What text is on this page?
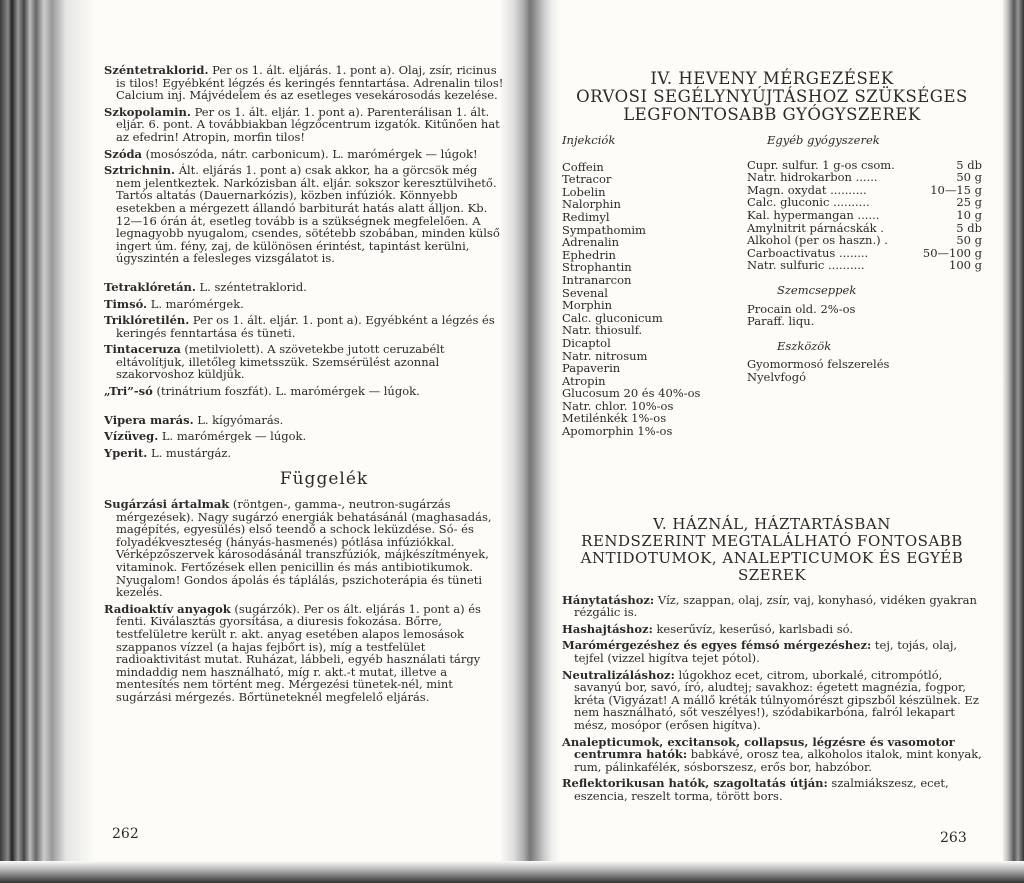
Széntetraklorid. Per os 1. ált. eljárás. 1. pont a). Olaj, zsír, ricinus is tilos! Egyébként légzés és keringés fenntartása. Adrenalin tilos! Calcium inj. Májvédelem és az esetleges vesekárosodás kezelése.
Szkopolamin. Per os 1. ált. eljár. 1. pont a). Parenterálisan 1. ált. eljár. 6. pont. A továbbiakban légzőcentrum izgatók. Kitűnően hat az efedrin! Atropin, morfin tilos!
Szóda (mosószóda, nátr. carbonicum). L. marómérgek — lúgok!
Sztrichnin. Ált. eljárás 1. pont a) csak akkor, ha a görcsök még nem jelentkeztek. Narkózisban ált. eljár. sokszor keresztülvihető. Tartós altatás (Dauernarkózis), közben infúziók. Könnyebb esetekben a mérgezett állandó barbiturát hatás alatt álljon. Kb. 12—16 órán át, esetleg tovább is a szükségnek megfelelően. A legnagyobb nyugalom, csendes, sötétebb szobában, minden külső ingert úm. fény, zaj, de különösen érintést, tapintást kerülni, úgyszintén a felesleges vizsgálatot is.
Tetraklóretán. L. széntetraklorid.
Timsó. L. marómérgek.
Triklóretilén. Per os 1. ált. eljár. 1. pont a). Egyébként a légzés és keringés fenntartása és tüneti.
Tintaceruza (metilviolett). A szövetekbe jutott ceruzabélt eltávolítjuk, illetőleg kimetsszük. Szemsérülést azonnal szakorvoshoz küldjük.
„Tri”-só (trinátrium foszfát). L. marómérgek — lúgok.
Vipera marás. L. kígyómarás.
Vízüveg. L. marómérgek — lúgok.
Yperit. L. mustárgáz.
Függelék
Sugárzási ártalmak (röntgen-, gamma-, neutron-sugárzás mérgezések). Nagy sugárzó energiák behatásánál (maghasadás, magépítés, egyesülés) első teendő a schock leküzdése. Só- és folyadékveszteség (hányás-hasmenés) pótlása infúziókkal. Vérképzőszervek károsodásánál transzfúziók, májkészítmények, vitaminok. Fertőzések ellen penicillin és más antibiotikumok. Nyugalom! Gondos ápolás és táplálás, pszichoterápia és tüneti kezelés.
Radioaktív anyagok (sugárzók). Per os ált. eljárás 1. pont a) és fenti. Kiválasztás gyorsítása, a diuresis fokozása. Bőrre, testfelületre került r. akt. anyag esetében alapos lemosások szappanos vízzel (a hajas fejbőrt is), míg a testfelület radioaktivitást mutat. Ruházat, lábbeli, egyéb használati tárgy mindaddig nem használható, míg r. akt.-t mutat, illetve a mentesítés nem történt meg. Mérgezési tünetek-nél, mint sugárzási mérgezés. Bőrtüneteknél megfelelő eljárás.
262
IV. HEVENY MÉRGEZÉSEK
ORVOSI SEGÉLYNYÚJTÁSHOZ SZÜKSÉGES
LEGFONTOSABB GYÓGYSZEREK
Injekciók
Coffein
Tetracor
Lobelin
Nalorphin
Redimyl
Sympathomim
Adrenalin
Ephedrin
Strophantin
Intranarcon
Sevenal
Morphin
Calc. gluconicum
Natr. thiosulf.
Dicaptol
Natr. nitrosum
Papaverin
Atropin
Glucosum 20 és 40%-os
Natr. chlor. 10%-os
Metilénkék 1%-os
Apomorphin 1%-os
Egyéb gyógyszerek
Cupr. sulfur. 1 g-os csom.	5 db
Natr. hidrokarbon ......	50 g
Magn. oxydat ..........	10—15 g
Calc. gluconic ..........	25 g
Kal. hypermangan ......	10 g
Amylnitrit párnácskák .	5 db
Alkohol (per os haszn.) .	50 g
Carboactivatus ........	50—100 g
Natr. sulfuric ..........	100 g
Szemcseppek
Procain old. 2%-os
Paraff. liqu.
Eszközök
Gyomormosó felszerelés
Nyelvfogó
V. HÁZNÁL, HÁZTARTÁSBAN
RENDSZERINT MEGTALÁLHATÓ FONTOSABB
ANTIDOTUMOK, ANALEPTICUMOK ÉS EGYÉB
SZEREK
Hánytatáshoz: Víz, szappan, olaj, zsír, vaj, konyhasó, vidéken gyakran rézgálic is.
Hashajtáshoz: keserűvíz, keserűsó, karlsbadi só.
Marómérgezéshez és egyes fémsó mérgezéshez: tej, tojás, olaj, tejfel (vizzel higítva tejet pótol).
Neutralizáláshoz: lúgokhoz ecet, citrom, uborkalé, citrompótló, savanyú bor, savó, író, aludtej; savakhoz: égetett magnézia, fogpor, kréta (Vigyázat! A mállő kréták túlnyomórészt gipszből készülnek. Ez nem használható, sőt veszélyes!), szódabikarbóna, falról lekapart mész, mosópor (erősen higítva).
Analepticumok, excitansok, collapsus, légzésre és vasomotor centrumra hatók: babkávé, orosz tea, alkoholos italok, mint konyak, rum, pálinkaféléк, sósborszesz, erős bor, habzóbor.
Reflektorikusan hatók, szagoltatás útján: szalmiákszesz, ecet, eszencia, reszelt torma, törött bors.
263
